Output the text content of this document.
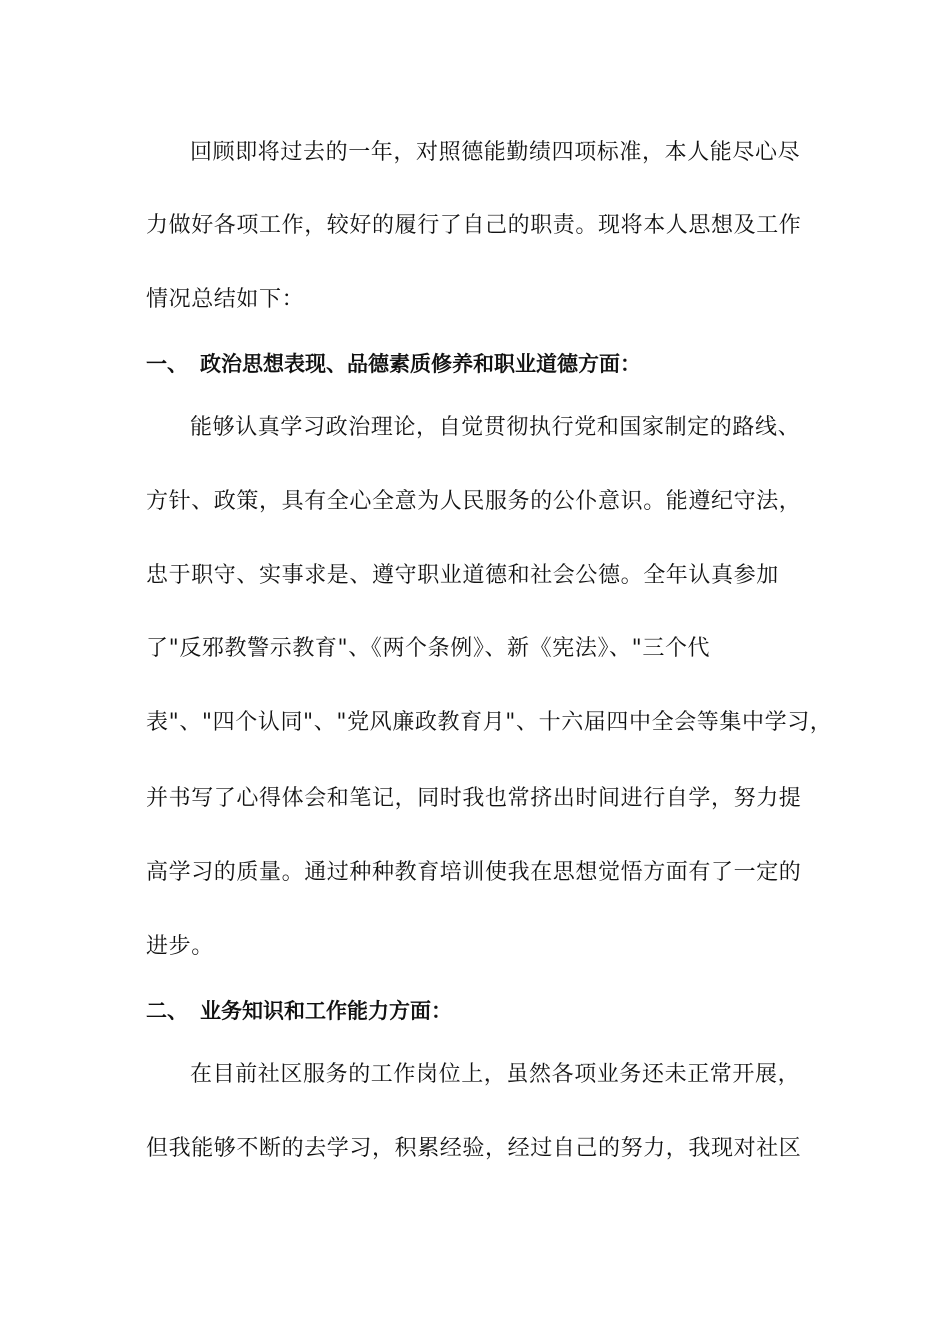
回顾即将过去的一年，对照德能勤绩四项标准，本人能尽心尽
力做好各项工作，较好的履行了自己的职责。现将本人思想及工作
情况总结如下：
一、 政治思想表现、品德素质修养和职业道德方面：
能够认真学习政治理论，自觉贯彻执行党和国家制定的路线、
方针、政策，具有全心全意为人民服务的公仆意识。能遵纪守法，
忠于职守、实事求是、遵守职业道德和社会公德。全年认真参加
了"反邪教警示教育"、《两个条例》、新《宪法》、"三个代
表"、"四个认同"、"党风廉政教育月"、十六届四中全会等集中学习，
并书写了心得体会和笔记，同时我也常挤出时间进行自学，努力提
高学习的质量。通过种种教育培训使我在思想觉悟方面有了一定的
进步。
二、 业务知识和工作能力方面：
在目前社区服务的工作岗位上，虽然各项业务还未正常开展，
但我能够不断的去学习，积累经验，经过自己的努力，我现对社区
